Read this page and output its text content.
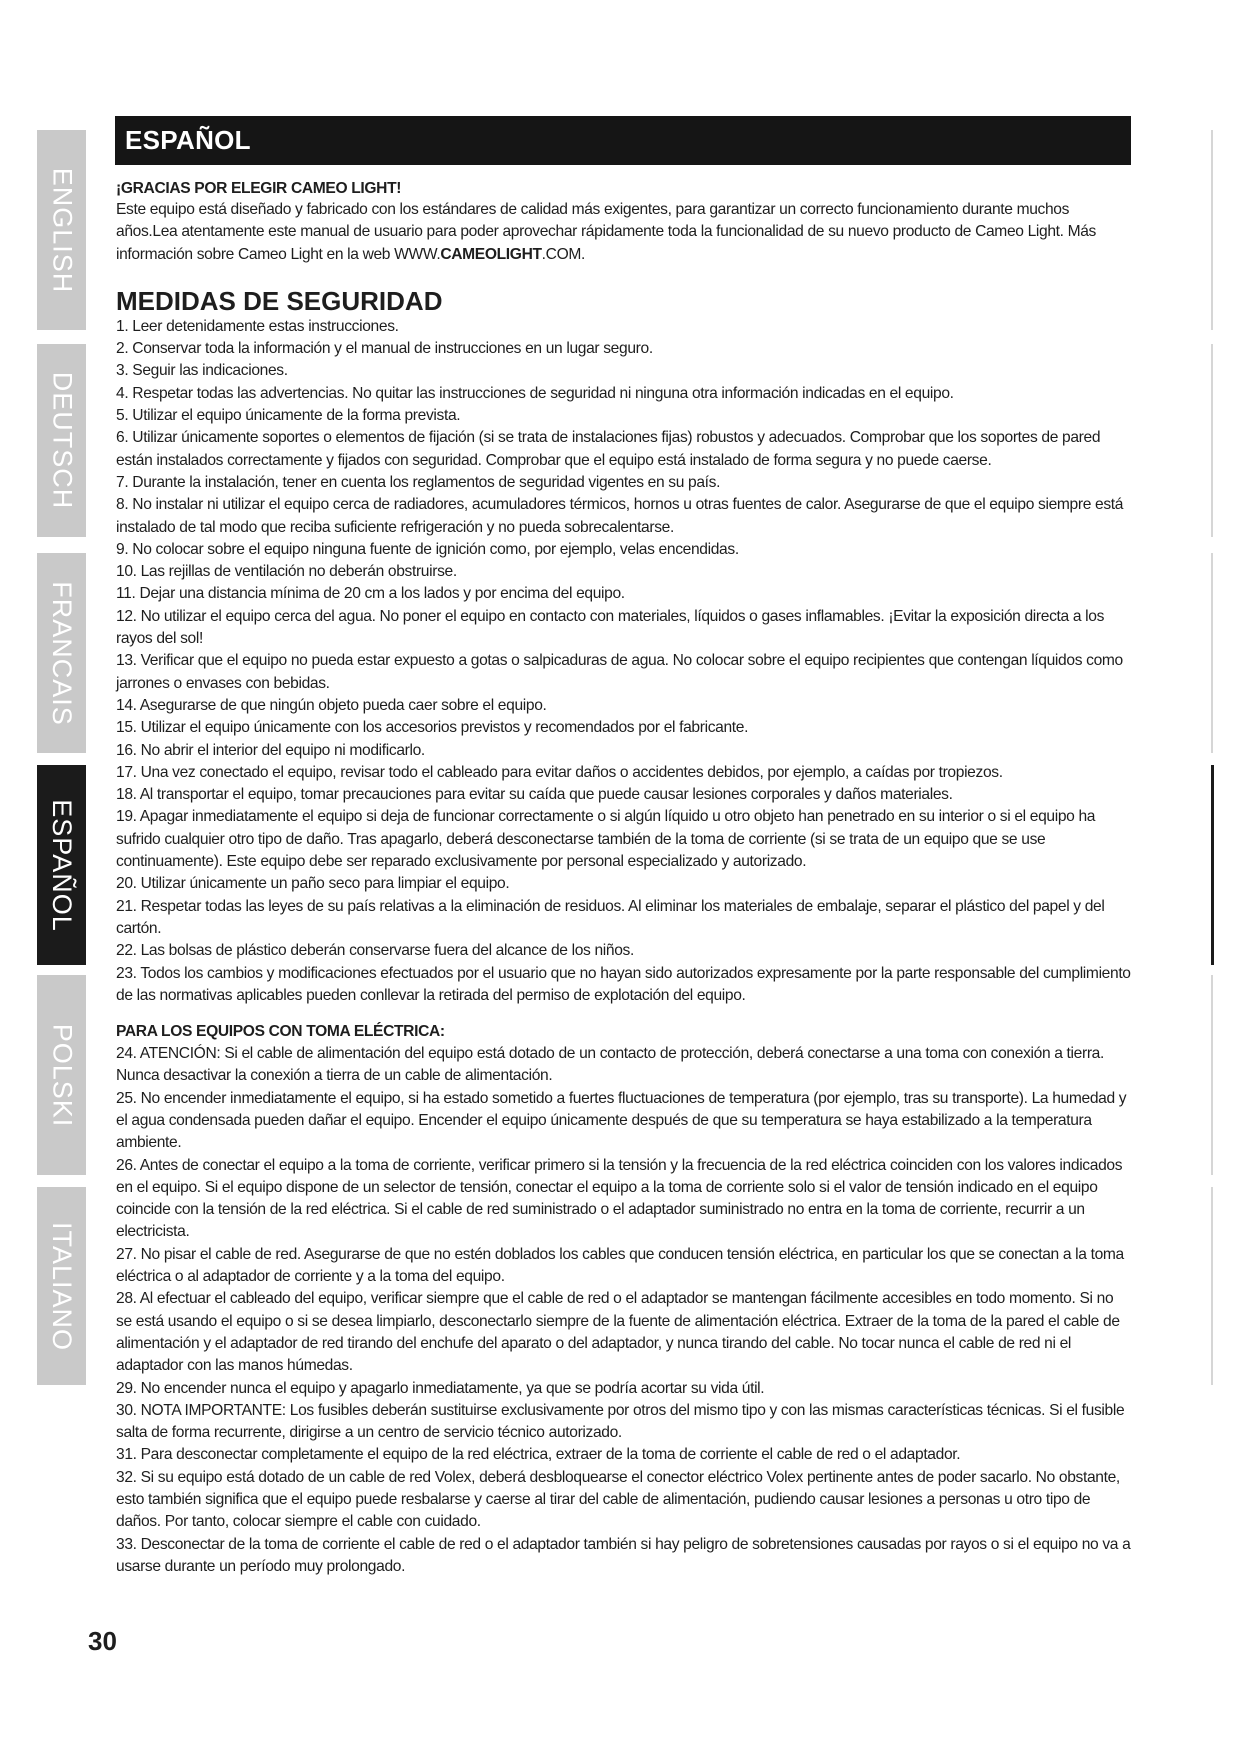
ENGLISH
DEUTSCH
FRANCAIS
ESPAÑOL
POLSKI
ITALIANO
ESPAÑOL

¡GRACIAS POR ELEGIR CAMEO LIGHT!

Este equipo está diseñado y fabricado con los estándares de calidad más exigentes, para garantizar un correcto funcionamiento durante muchos años.Lea atentamente este manual de usuario para poder aprovechar rápidamente toda la funcionalidad de su nuevo producto de Cameo Light. Más información sobre Cameo Light en la web WWW.CAMEOLIGHT.COM.

MEDIDAS DE SEGURIDAD

1. Leer detenidamente estas instrucciones.

2. Conservar toda la información y el manual de instrucciones en un lugar seguro.

3. Seguir las indicaciones.

4. Respetar todas las advertencias. No quitar las instrucciones de seguridad ni ninguna otra información indicadas en el equipo.

5. Utilizar el equipo únicamente de la forma prevista.

6. Utilizar únicamente soportes o elementos de fijación (si se trata de instalaciones fijas) robustos y adecuados. Comprobar que los soportes de pared están instalados correctamente y fijados con seguridad. Comprobar que el equipo está instalado de forma segura y no puede caerse.

7. Durante la instalación, tener en cuenta los reglamentos de seguridad vigentes en su país.

8. No instalar ni utilizar el equipo cerca de radiadores, acumuladores térmicos, hornos u otras fuentes de calor. Asegurarse de que el equipo siempre está instalado de tal modo que reciba suficiente refrigeración y no pueda sobrecalentarse.

9. No colocar sobre el equipo ninguna fuente de ignición como, por ejemplo, velas encendidas.

10. Las rejillas de ventilación no deberán obstruirse.

11. Dejar una distancia mínima de 20 cm a los lados y por encima del equipo.

12. No utilizar el equipo cerca del agua. No poner el equipo en contacto con materiales, líquidos o gases inflamables. ¡Evitar la exposición directa a los rayos del sol!

13. Verificar que el equipo no pueda estar expuesto a gotas o salpicaduras de agua. No colocar sobre el equipo recipientes que contengan líquidos como jarrones o envases con bebidas.

14. Asegurarse de que ningún objeto pueda caer sobre el equipo.

15. Utilizar el equipo únicamente con los accesorios previstos y recomendados por el fabricante.

16. No abrir el interior del equipo ni modificarlo.

17. Una vez conectado el equipo, revisar todo el cableado para evitar daños o accidentes debidos, por ejemplo, a caídas por tropiezos.

18. Al transportar el equipo, tomar precauciones para evitar su caída que puede causar lesiones corporales y daños materiales.

19. Apagar inmediatamente el equipo si deja de funcionar correctamente o si algún líquido u otro objeto han penetrado en su interior o si el equipo ha sufrido cualquier otro tipo de daño. Tras apagarlo, deberá desconectarse también de la toma de corriente (si se trata de un equipo que se use continuamente). Este equipo debe ser reparado exclusivamente por personal especializado y autorizado.

20. Utilizar únicamente un paño seco para limpiar el equipo.

21. Respetar todas las leyes de su país relativas a la eliminación de residuos. Al eliminar los materiales de embalaje, separar el plástico del papel y del cartón.

22. Las bolsas de plástico deberán conservarse fuera del alcance de los niños.

23. Todos los cambios y modificaciones efectuados por el usuario que no hayan sido autorizados expresamente por la parte responsable del cumplimiento de las normativas aplicables pueden conllevar la retirada del permiso de explotación del equipo.

PARA LOS EQUIPOS CON TOMA ELÉCTRICA:

24. ATENCIÓN: Si el cable de alimentación del equipo está dotado de un contacto de protección, deberá conectarse a una toma con conexión a tierra. Nunca desactivar la conexión a tierra de un cable de alimentación.

25. No encender inmediatamente el equipo, si ha estado sometido a fuertes fluctuaciones de temperatura (por ejemplo, tras su transporte). La humedad y el agua condensada pueden dañar el equipo. Encender el equipo únicamente después de que su temperatura se haya estabilizado a la temperatura ambiente.

26. Antes de conectar el equipo a la toma de corriente, verificar primero si la tensión y la frecuencia de la red eléctrica coinciden con los valores indicados en el equipo. Si el equipo dispone de un selector de tensión, conectar el equipo a la toma de corriente solo si el valor de tensión indicado en el equipo coincide con la tensión de la red eléctrica. Si el cable de red suministrado o el adaptador suministrado no entra en la toma de corriente, recurrir a un electricista.

27. No pisar el cable de red. Asegurarse de que no estén doblados los cables que conducen tensión eléctrica, en particular los que se conectan a la toma eléctrica o al adaptador de corriente y a la toma del equipo.

28. Al efectuar el cableado del equipo, verificar siempre que el cable de red o el adaptador se mantengan fácilmente accesibles en todo momento. Si no se está usando el equipo o si se desea limpiarlo, desconectarlo siempre de la fuente de alimentación eléctrica. Extraer de la toma de la pared el cable de alimentación y el adaptador de red tirando del enchufe del aparato o del adaptador, y nunca tirando del cable. No tocar nunca el cable de red ni el adaptador con las manos húmedas.

29. No encender nunca el equipo y apagarlo inmediatamente, ya que se podría acortar su vida útil.

30. NOTA IMPORTANTE: Los fusibles deberán sustituirse exclusivamente por otros del mismo tipo y con las mismas características técnicas. Si el fusible salta de forma recurrente, dirigirse a un centro de servicio técnico autorizado.

31. Para desconectar completamente el equipo de la red eléctrica, extraer de la toma de corriente el cable de red o el adaptador.

32. Si su equipo está dotado de un cable de red Volex, deberá desbloquearse el conector eléctrico Volex pertinente antes de poder sacarlo. No obstante, esto también significa que el equipo puede resbalarse y caerse al tirar del cable de alimentación, pudiendo causar lesiones a personas u otro tipo de daños. Por tanto, colocar siempre el cable con cuidado.

33. Desconectar de la toma de corriente el cable de red o el adaptador también si hay peligro de sobretensiones causadas por rayos o si el equipo no va a usarse durante un período muy prolongado.

30
